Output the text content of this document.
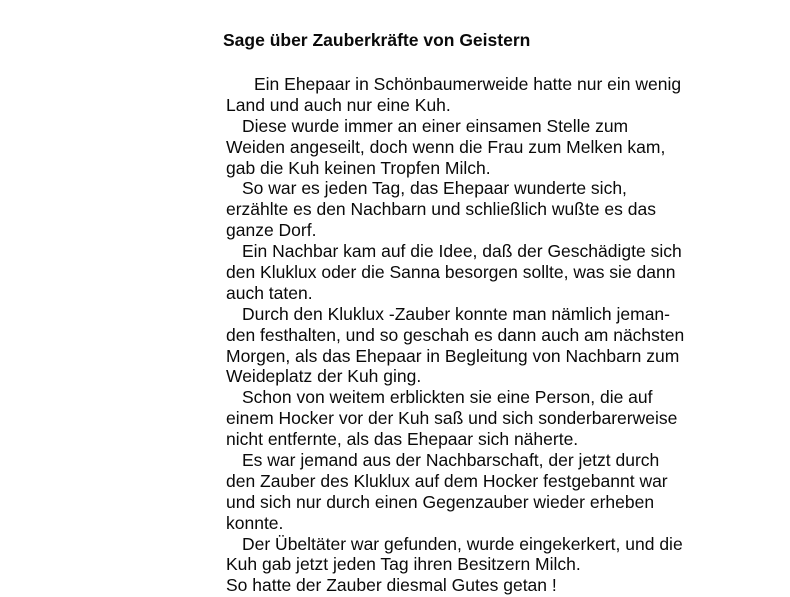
Sage über Zauberkräfte von Geistern
Ein Ehepaar in Schönbaumerweide hatte nur ein wenig
Land und auch nur eine Kuh.
Diese wurde immer an einer einsamen Stelle zum
Weiden angeseilt, doch wenn die Frau zum Melken kam,
gab die Kuh keinen Tropfen Milch.
So war es jeden Tag, das Ehepaar wunderte sich,
erzählte es den Nachbarn und schließlich wußte es das
ganze Dorf.
Ein Nachbar kam auf die Idee, daß der Geschädigte sich
den Kluklux oder die Sanna besorgen sollte, was sie dann
auch taten.
Durch den Kluklux -Zauber konnte man nämlich jeman-
den festhalten, und so geschah es dann auch am nächsten
Morgen, als das Ehepaar in Begleitung von Nachbarn zum
Weideplatz der Kuh ging.
Schon von weitem erblickten sie eine Person, die auf
einem Hocker vor der Kuh saß und sich sonderbarerweise
nicht entfernte, als das Ehepaar sich näherte.
Es war jemand aus der Nachbarschaft, der jetzt durch
den Zauber des Kluklux auf dem Hocker festgebannt war
und sich nur durch einen Gegenzauber wieder erheben
konnte.
Der Übeltäter war gefunden, wurde eingekerkert, und die
Kuh gab jetzt jeden Tag ihren Besitzern Milch.
So hatte der Zauber diesmal Gutes getan !
